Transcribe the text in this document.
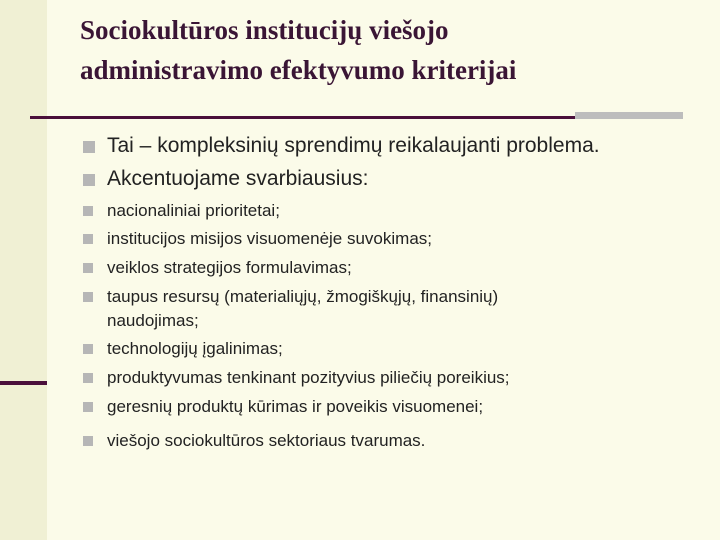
Sociokultūros institucijų viešojo
administravimo efektyvumo kriterijai

Tai – kompleksinių sprendimų reikalaujanti problema.

Akcentuojame svarbiausius:

nacionaliniai prioritetai;

institucijos misijos visuomenėje suvokimas;

veiklos strategijos formulavimas;

taupus resursų (materialiųjų, žmogiškųjų, finansinių)

naudojimas;

technologijų įgalinimas;

produktyvumas tenkinant pozityvius piliečių poreikius;

geresnių produktų kūrimas ir poveikis visuomenei;

viešojo sociokultūros sektoriaus tvarumas.
